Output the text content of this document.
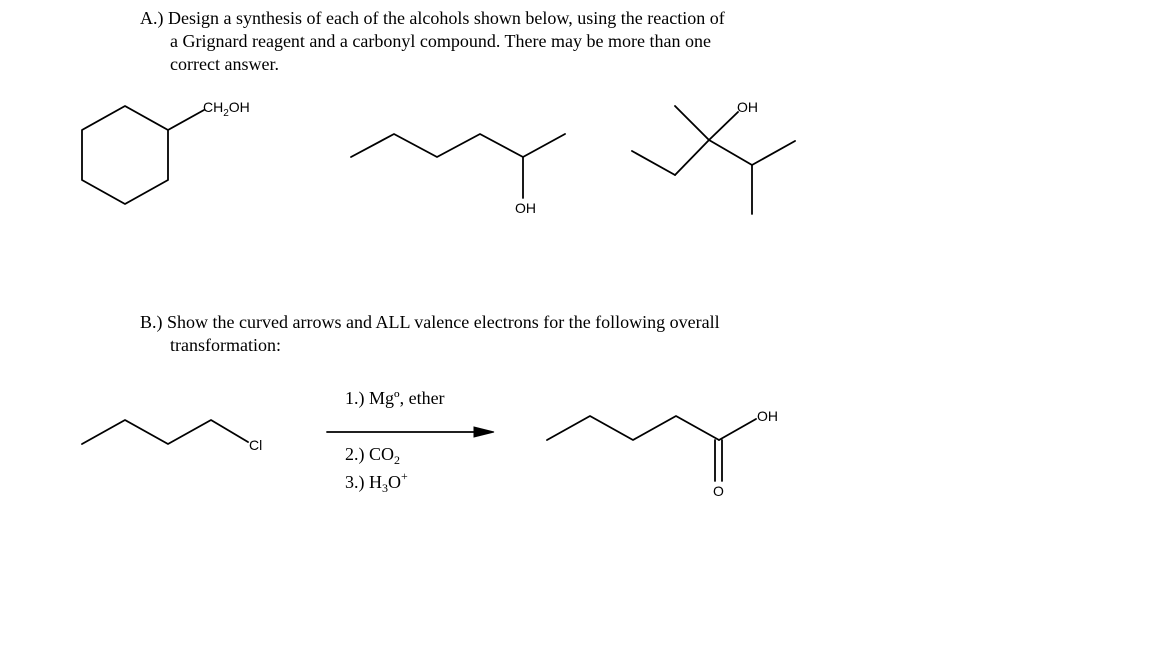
A.) Design a synthesis of each of the alcohols shown below, using the reaction of
a Grignard reagent and a carbonyl compound. There may be more than one
correct answer.
B.) Show the curved arrows and ALL valence electrons for the following overall
transformation:
$CH_2OH$
OH
OH
Cl
1.) Mgº, ether
2.) $CO_2$
3.) $H_3O^+$
OH
O
